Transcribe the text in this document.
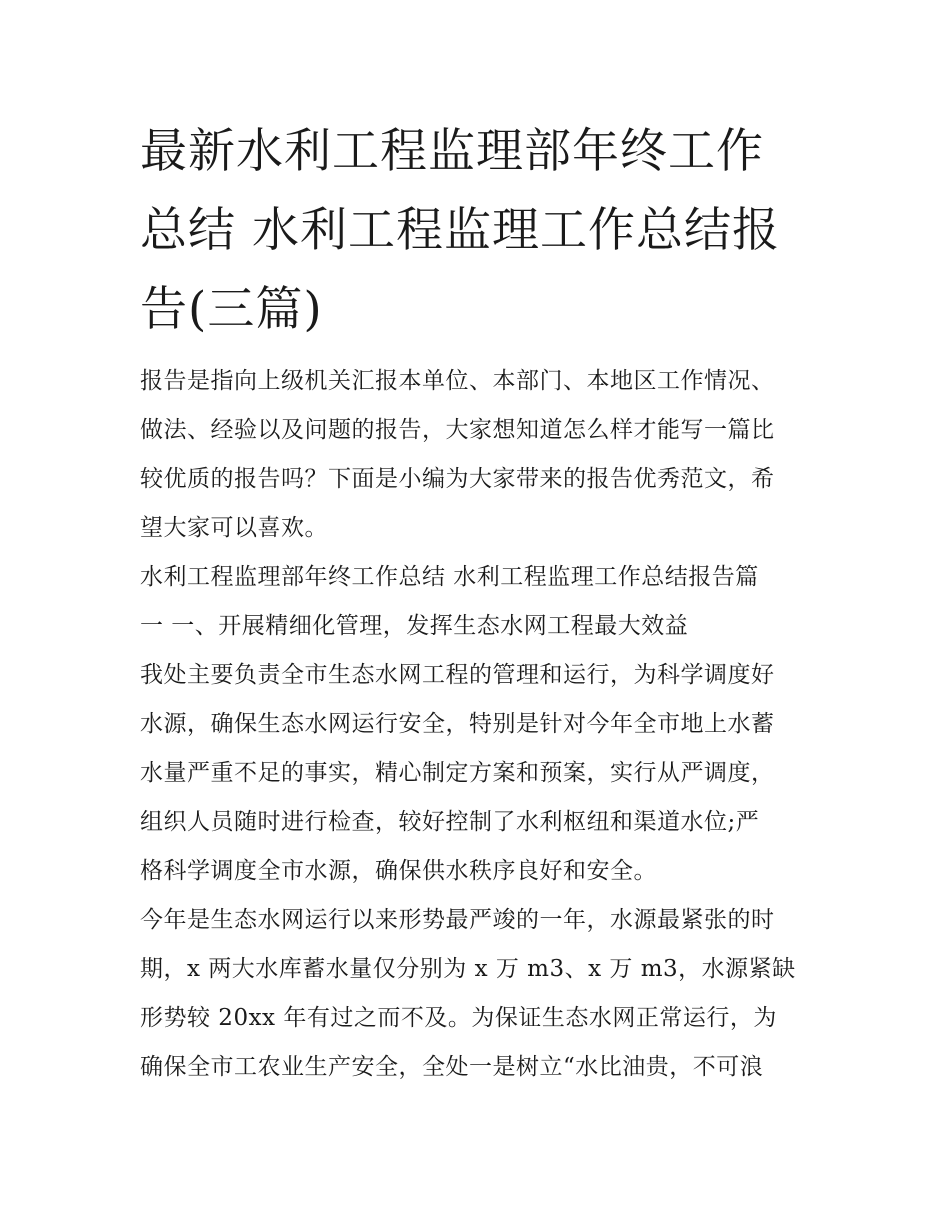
最新水利工程监理部年终工作
总结 水利工程监理工作总结报
告(三篇)
报告是指向上级机关汇报本单位、本部门、本地区工作情况、
做法、经验以及问题的报告，大家想知道怎么样才能写一篇比
较优质的报告吗？下面是小编为大家带来的报告优秀范文，希
望大家可以喜欢。
水利工程监理部年终工作总结 水利工程监理工作总结报告篇
一 一、开展精细化管理，发挥生态水网工程最大效益
我处主要负责全市生态水网工程的管理和运行，为科学调度好
水源，确保生态水网运行安全，特别是针对今年全市地上水蓄
水量严重不足的事实，精心制定方案和预案，实行从严调度，
组织人员随时进行检查，较好控制了水利枢纽和渠道水位;严
格科学调度全市水源，确保供水秩序良好和安全。
今年是生态水网运行以来形势最严竣的一年，水源最紧张的时
期，x 两大水库蓄水量仅分别为 x 万 m3、x 万 m3，水源紧缺
形势较 20xx 年有过之而不及。为保证生态水网正常运行，为
确保全市工农业生产安全，全处一是树立“水比油贵，不可浪
